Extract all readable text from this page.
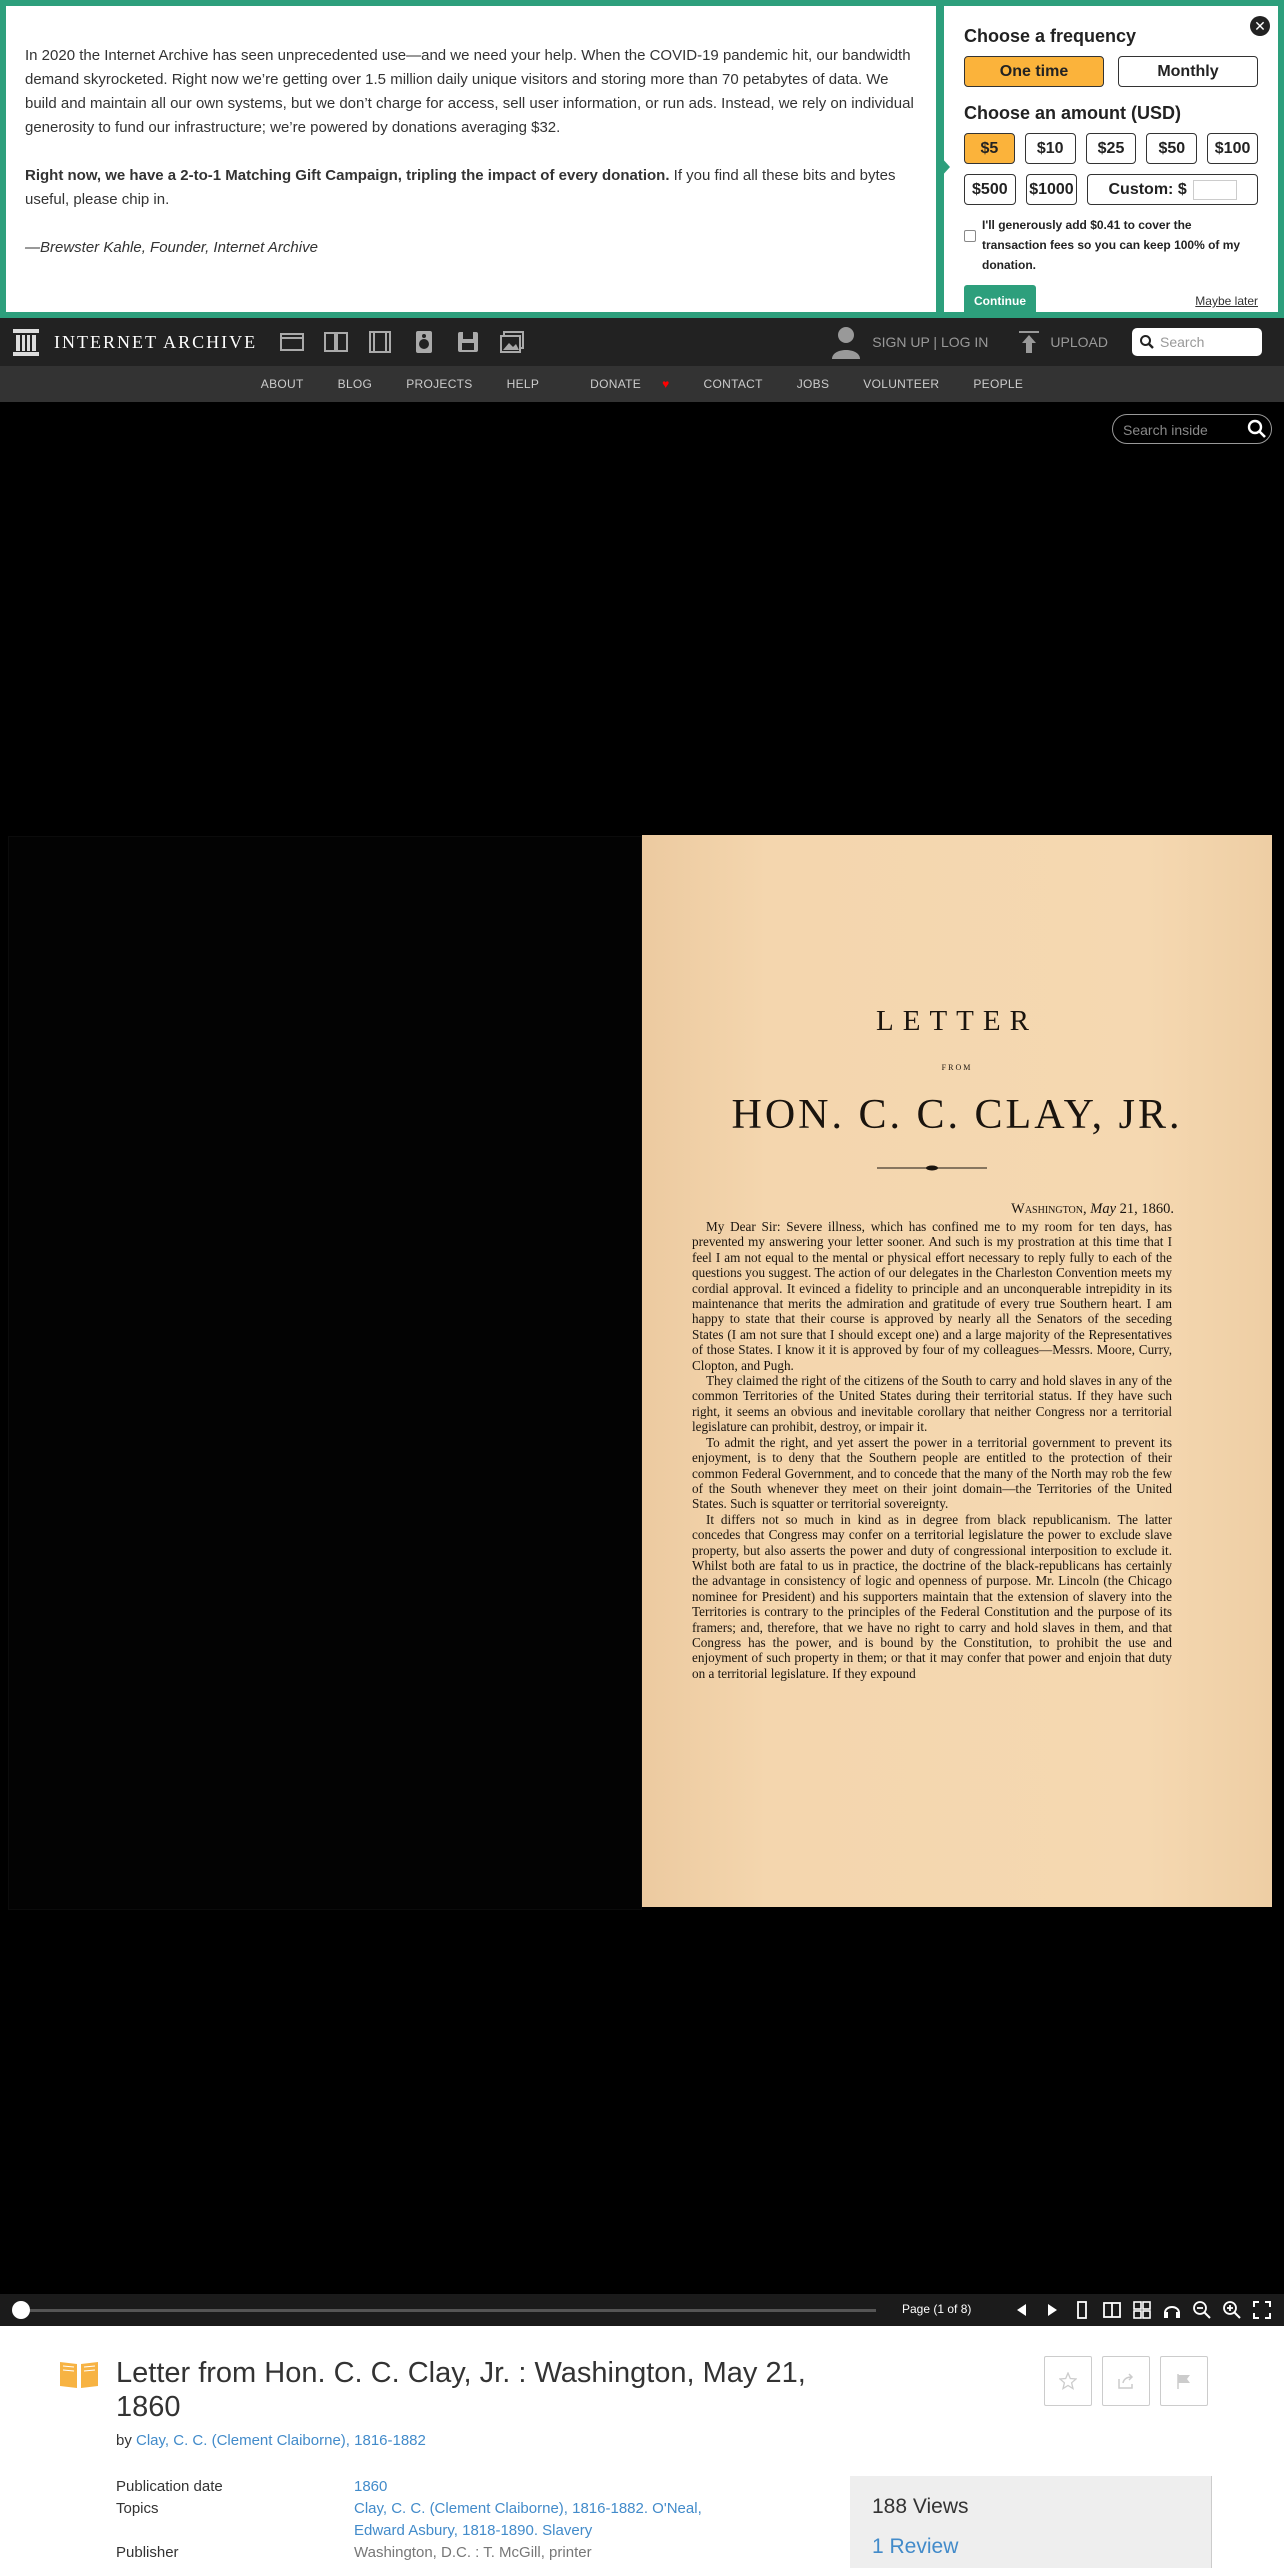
In 2020 the Internet Archive has seen unprecedented use—and we need your help. When the COVID-19 pandemic hit, our bandwidth demand skyrocketed. Right now we’re getting over 1.5 million daily unique visitors and storing more than 70 petabytes of data. We build and maintain all our own systems, but we don’t charge for access, sell user information, or run ads. Instead, we rely on individual generosity to fund our infrastructure; we’re powered by donations averaging $32.

Right now, we have a 2-to-1 Matching Gift Campaign, tripling the impact of every donation. If you find all these bits and bytes useful, please chip in.

—Brewster Kahle, Founder, Internet Archive

✕
Choose a frequency
One time	Monthly
Choose an amount (USD)
$5	$10	$25	$50	$100
$500	$1000 Custom: $
I'll generously add $0.41 to cover the transaction fees so you can keep 100% of my donation.
Continue	Maybe later
INTERNET ARCHIVE	SIGN UP | LOG IN	UPLOAD	Search
ABOUT	BLOG	PROJECTS	HELP	DONATE ♥	CONTACT	JOBS	VOLUNTEER	PEOPLE
Search inside
LETTER
FROM
HON. C. C. CLAY, JR.
Washington, May 21, 1860.

My Dear Sir: Severe illness, which has confined me to my room for ten days, has prevented my answering your letter sooner. And such is my prostration at this time that I feel I am not equal to the mental or physical effort necessary to reply fully to each of the questions you suggest. The action of our delegates in the Charleston Convention meets my cordial approval. It evinced a fidelity to principle and an unconquerable intrepidity in its maintenance that merits the admiration and gratitude of every true Southern heart. I am happy to state that their course is approved by nearly all the Senators of the seceding States (I am not sure that I should except one) and a large majority of the Representatives of those States. I know it it is approved by four of my colleagues—Messrs. Moore, Curry, Clopton, and Pugh.

They claimed the right of the citizens of the South to carry and hold slaves in any of the common Territories of the United States during their territorial status. If they have such right, it seems an obvious and inevitable corollary that neither Congress nor a territorial legislature can prohibit, destroy, or impair it.

To admit the right, and yet assert the power in a territorial government to prevent its enjoyment, is to deny that the Southern people are entitled to the protection of their common Federal Government, and to concede that the many of the North may rob the few of the South whenever they meet on their joint domain—the Territories of the United States. Such is squatter or territorial sovereignty.

It differs not so much in kind as in degree from black republicanism. The latter concedes that Congress may confer on a territorial legislature the power to exclude slave property, but also asserts the power and duty of congressional interposition to exclude it. Whilst both are fatal to us in practice, the doctrine of the black-republicans has certainly the advantage in consistency of logic and openness of purpose. Mr. Lincoln (the Chicago nominee for President) and his supporters maintain that the extension of slavery into the Territories is contrary to the principles of the Federal Constitution and the purpose of its framers; and, therefore, that we have no right to carry and hold slaves in them, and that Congress has the power, and is bound by the Constitution, to prohibit the use and enjoyment of such property in them; or that it may confer that power and enjoin that duty on a territorial legislature. If they expound

Page (1 of 8)
Letter from Hon. C. C. Clay, Jr. : Washington, May 21, 1860
by Clay, C. C. (Clement Claiborne), 1816-1882
Publication date	1860
Topics	Clay, C. C. (Clement Claiborne), 1816-1882. O'Neal, Edward Asbury, 1818-1890. Slavery
Publisher	Washington, D.C. : T. McGill, printer
188 Views
1 Review
